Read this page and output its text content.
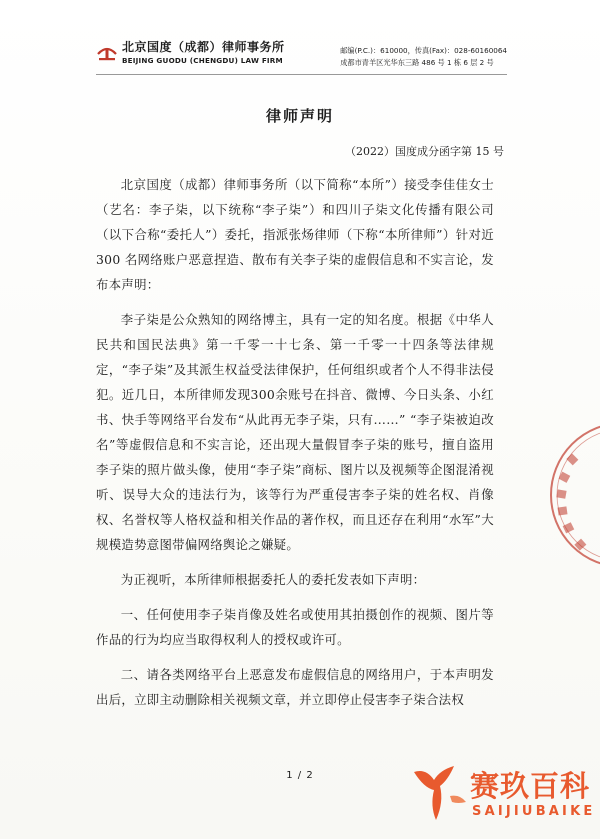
北京国度（成都）律师事务所
BEIJING GUODU (CHENGDU) LAW FIRM
邮编(P.C.)：610000，传真(Fax)：028-60160064
成都市青羊区光华东三路 486 号 1 栋 6 层 2 号
律师声明
（2022）国度成分函字第 15 号

北京国度（成都）律师事务所（以下简称“本所”）接受李佳佳女士（艺名：李子柒，以下统称“李子柒”）和四川子柒文化传播有限公司（以下合称“委托人”）委托，指派张炀律师（下称“本所律师”）针对近 300 名网络账户恶意捏造、散布有关李子柒的虚假信息和不实言论，发布本声明：

李子柒是公众熟知的网络博主，具有一定的知名度。根据《中华人民共和国民法典》第一千零一十七条、第一千零一十四条等法律规定，“李子柒”及其派生权益受法律保护，任何组织或者个人不得非法侵犯。近几日，本所律师发现300余账号在抖音、微博、今日头条、小红书、快手等网络平台发布“从此再无李子柒，只有……” “李子柒被迫改名”等虚假信息和不实言论，还出现大量假冒李子柒的账号，擅自盗用李子柒的照片做头像，使用“李子柒”商标、图片以及视频等企图混淆视听、误导大众的违法行为，该等行为严重侵害李子柒的姓名权、肖像权、名誉权等人格权益和相关作品的著作权，而且还存在利用“水军”大规模造势意图带偏网络舆论之嫌疑。

为正视听，本所律师根据委托人的委托发表如下声明：

一、任何使用李子柒肖像及姓名或使用其拍摄创作的视频、图片等作品的行为均应当取得权利人的授权或许可。

二、请各类网络平台上恶意发布虚假信息的网络用户，于本声明发出后，立即主动删除相关视频文章，并立即停止侵害李子柒合法权

1 / 2	赛玖百科
SAIJIUBAIKE
